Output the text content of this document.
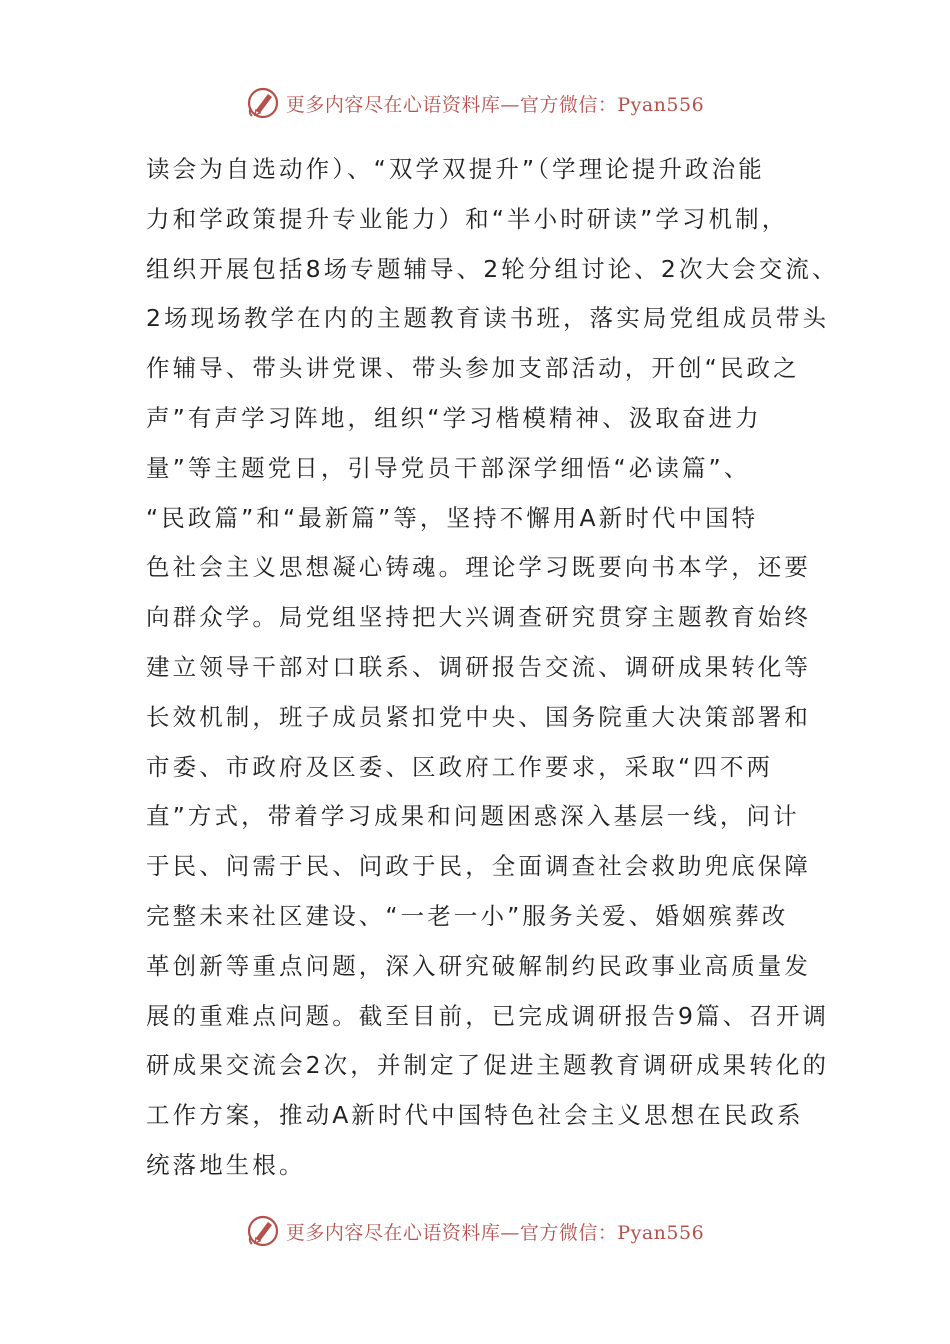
更多内容尽在心语资料库—官方微信：Pyan556
读会为自选动作）、“双学双提升”（学理论提升政治能
力和学政策提升专业能力）和“半小时研读”学习机制，
组织开展包括8场专题辅导、2轮分组讨论、2次大会交流、
2场现场教学在内的主题教育读书班，落实局党组成员带头
作辅导、带头讲党课、带头参加支部活动，开创“民政之
声”有声学习阵地，组织“学习楷模精神、汲取奋进力
量”等主题党日，引导党员干部深学细悟“必读篇”、
“民政篇”和“最新篇”等，坚持不懈用A新时代中国特
色社会主义思想凝心铸魂。理论学习既要向书本学，还要
向群众学。局党组坚持把大兴调查研究贯穿主题教育始终
建立领导干部对口联系、调研报告交流、调研成果转化等
长效机制，班子成员紧扣党中央、国务院重大决策部署和
市委、市政府及区委、区政府工作要求，采取“四不两
直”方式，带着学习成果和问题困惑深入基层一线，问计
于民、问需于民、问政于民，全面调查社会救助兜底保障
完整未来社区建设、“一老一小”服务关爱、婚姻殡葬改
革创新等重点问题，深入研究破解制约民政事业高质量发
展的重难点问题。截至目前，已完成调研报告9篇、召开调
研成果交流会2次，并制定了促进主题教育调研成果转化的
工作方案，推动A新时代中国特色社会主义思想在民政系
统落地生根。
更多内容尽在心语资料库—官方微信：Pyan556
